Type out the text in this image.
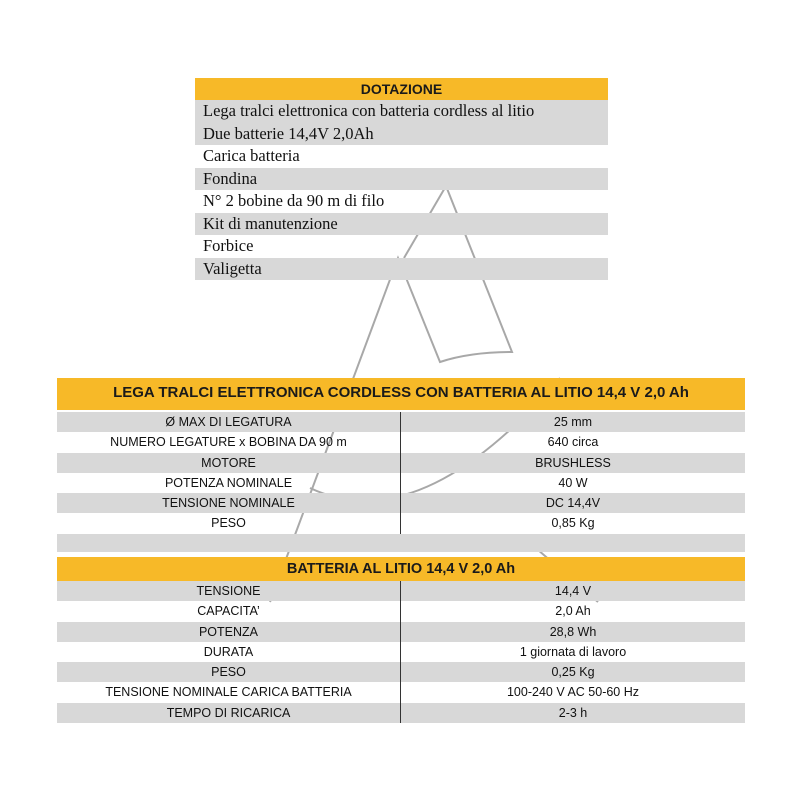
DOTAZIONE
Lega tralci elettronica con batteria cordless al litio
Due batterie 14,4V 2,0Ah
Carica batteria
Fondina
N° 2 bobine da 90 m di filo
Kit di manutenzione
Forbice
Valigetta
LEGA TRALCI ELETTRONICA CORDLESS CON BATTERIA AL LITIO 14,4 V 2,0 Ah
Ø MAX DI LEGATURA	25 mm
NUMERO LEGATURE x BOBINA DA 90 m	640 circa
MOTORE	BRUSHLESS
POTENZA NOMINALE	40 W
TENSIONE NOMINALE	DC 14,4V
PESO	0,85 Kg
BATTERIA AL LITIO 14,4 V 2,0 Ah
TENSIONE	14,4 V
CAPACITA’	2,0 Ah
POTENZA	28,8 Wh
DURATA	1 giornata di lavoro
PESO	0,25 Kg
TENSIONE NOMINALE CARICA BATTERIA	100-240 V AC 50-60 Hz
TEMPO DI RICARICA	2-3 h
